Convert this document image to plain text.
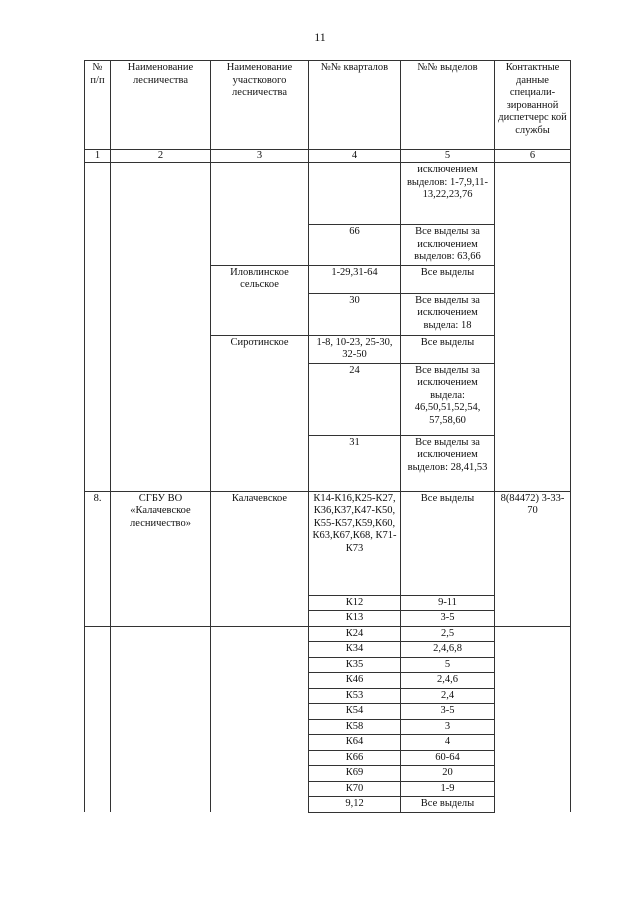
11
№ п/п	Наименование лесничества	Наименование участкового лесничества	№№ кварталов	№№ выделов	Контактные данные специали-зированной диспетчерс кой службы
1	2	3	4	5	6
				исключением выделов: 1-7,9,11-13,22,23,76	
			66	Все выделы за исключением выделов: 63,66	
		Иловлинское сельское	1-29,31-64	Все выделы	
			30	Все выделы за исключением выдела: 18	
		Сиротинское	1-8, 10-23, 25-30, 32-50	Все выделы	
			24	Все выделы за исключением выдела: 46,50,51,52,54, 57,58,60	
			31	Все выделы за исключением выделов: 28,41,53	
8.	СГБУ ВО «Калачевское лесничество»	Калачевское	К14-К16,К25-К27, К36,К37,К47-К50, К55-К57,К59,К60, К63,К67,К68, К71-К73	Все выделы	8(84472) 3-33-70
			К12	9-11	
			К13	3-5	
			К24	2,5	
			К34	2,4,6,8	
			К35	5	
			К46	2,4,6	
			К53	2,4	
			К54	3-5	
			К58	3	
			К64	4	
			К66	60-64	
			К69	20	
			К70	1-9	
			9,12	Все выделы	
